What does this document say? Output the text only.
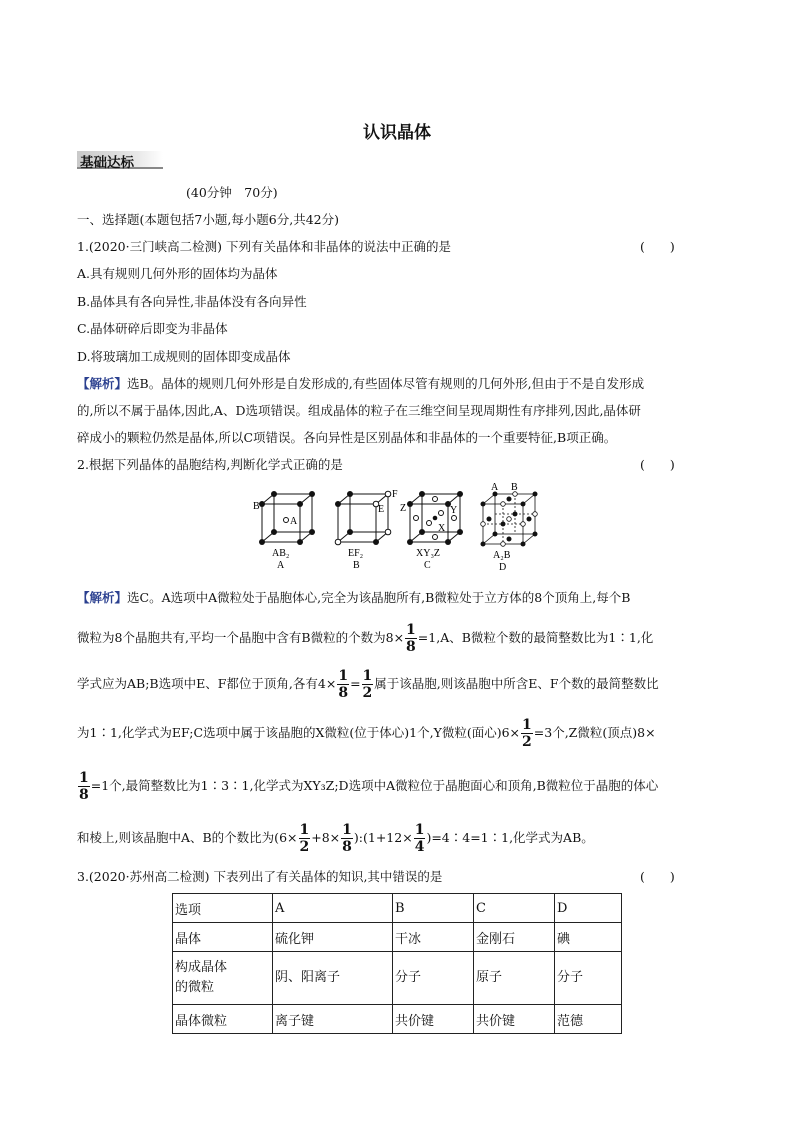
认识晶体
基础达标
(40分钟　70分)
一、选择题(本题包括7小题,每小题6分,共42分)
1.(2020·三门峡高二检测) 下列有关晶体和非晶体的说法中正确的是	(　　)
A.具有规则几何外形的固体均为晶体
B.晶体具有各向异性,非晶体没有各向异性
C.晶体研碎后即变为非晶体
D.将玻璃加工成规则的固体即变成晶体
【解析】选B。晶体的规则几何外形是自发形成的,有些固体尽管有规则的几何外形,但由于不是自发形成
的,所以不属于晶体,因此,A、D选项错误。组成晶体的粒子在三维空间呈现周期性有序排列,因此,晶体研
碎成小的颗粒仍然是晶体,所以C项错误。各向异性是区别晶体和非晶体的一个重要特征,B项正确。
2.根据下列晶体的晶胞结构,判断化学式正确的是	(　　)
B
A
AB₂
A
F
E
EF₂
B
Z	Y
X
XY₃Z
C
A B
A₂B
D
【解析】选C。A选项中A微粒处于晶胞体心,完全为该晶胞所有,B微粒处于立方体的8个顶角上,每个B
微粒为8个晶胞共有,平均一个晶胞中含有B微粒的个数为$8\times \frac{1}{8} =1,A$、B微粒个数的最简整数比为1∶1,化
学式应为AB;B选项中E、F都位于顶角,各有$4\times \frac{1}{8} = \frac{1}{2}$ 属于该晶胞,则该晶胞中所含E、F个数的最简整数比
为1∶1,化学式为EF;C选项中属于该晶胞的X微粒(位于体心)1个,Y微粒(面心)$6\times \frac{1}{2} =3$个,Z微粒(顶点)8×
$\frac{1}{8} =1$个,最简整数比为1∶3∶1,化学式为XY₃Z;D选项中A微粒位于晶胞面心和顶角,B微粒位于晶胞的体心
和棱上,则该晶胞中A、B的个数比为($6\times \frac{1}{2} +8\times \frac{1}{8}$ ):(1+12× $\frac{1}{4}$ )=4∶4=1∶1,化学式为AB。
3.(2020·苏州高二检测) 下表列出了有关晶体的知识,其中错误的是	(　　)
选项	A	B	C	D
晶体	硫化钾	干冰	金刚石	碘
构成晶体
的微粒	阴、阳离子	分子	原子	分子
晶体微粒	离子键	共价键	共价键	范德
